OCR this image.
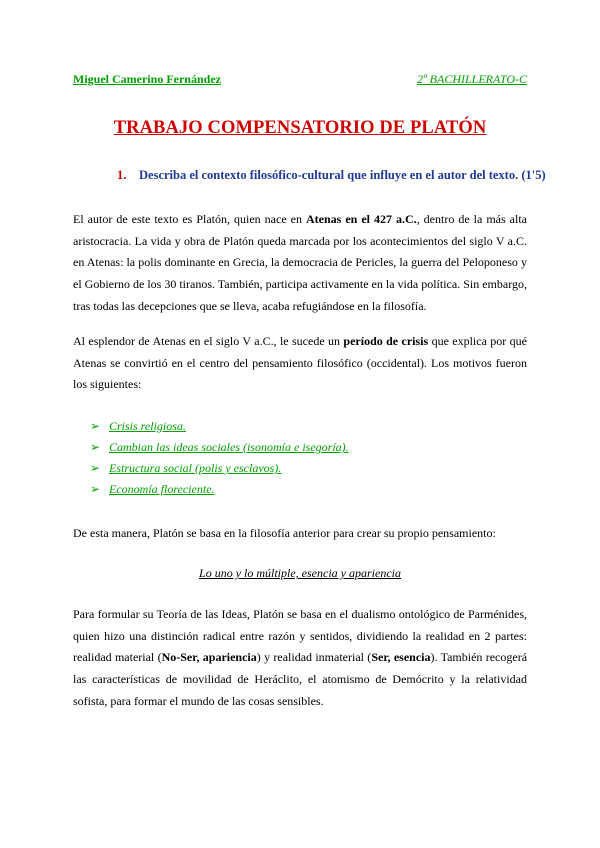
Miguel Camerino Fernández	2º BACHILLERATO-C
TRABAJO COMPENSATORIO DE PLATÓN
1. Describa el contexto filosófico-cultural que influye en el autor del texto. (1'5)
El autor de este texto es Platón, quien nace en Atenas en el 427 a.C., dentro de la más alta aristocracia. La vida y obra de Platón queda marcada por los acontecimientos del siglo V a.C. en Atenas: la polis dominante en Grecia, la democracia de Pericles, la guerra del Peloponeso y el Gobierno de los 30 tiranos. También, participa activamente en la vida política. Sin embargo, tras todas las decepciones que se lleva, acaba refugiándose en la filosofía.
Al esplendor de Atenas en el siglo V a.C., le sucede un período de crisis que explica por qué Atenas se convirtió en el centro del pensamiento filosófico (occidental). Los motivos fueron los siguientes:
➢ Crisis religiosa.
➢ Cambian las ideas sociales (isonomía e isegoría).
➢ Estructura social (polis y esclavos).
➢ Economía floreciente.
De esta manera, Platón se basa en la filosofía anterior para crear su propio pensamiento:
Lo uno y lo múltiple, esencia y apariencia
Para formular su Teoría de las Ideas, Platón se basa en el dualismo ontológico de Parménides, quien hizo una distinción radical entre razón y sentidos, dividiendo la realidad en 2 partes: realidad material (No-Ser, apariencia) y realidad inmaterial (Ser, esencia). También recogerá las características de movilidad de Heráclito, el atomismo de Demócrito y la relatividad sofista, para formar el mundo de las cosas sensibles.
